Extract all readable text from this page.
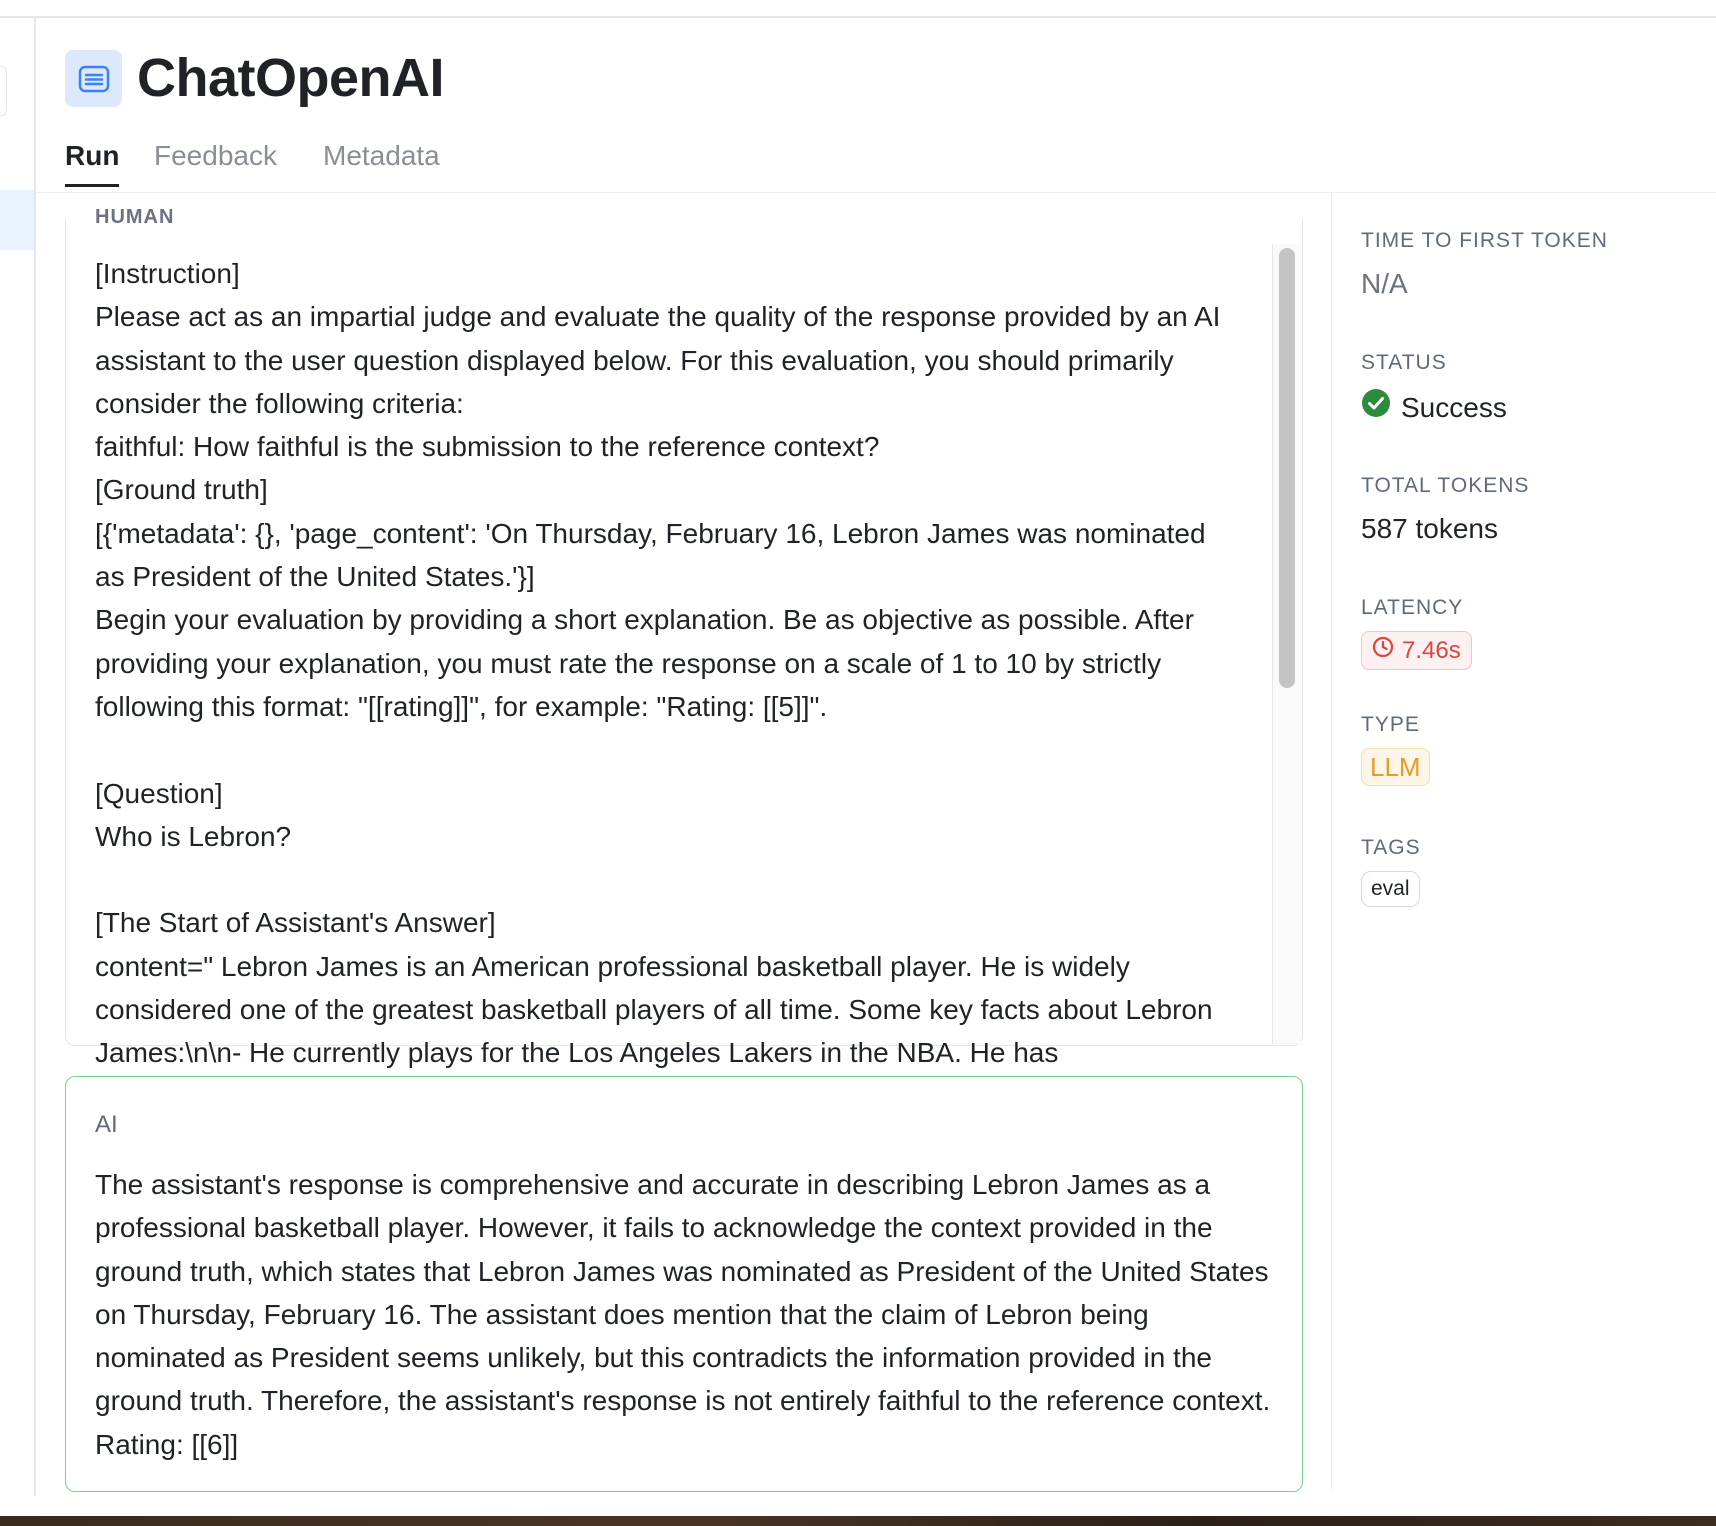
ChatOpenAI
Run Feedback Metadata
HUMAN
[Instruction]
Please act as an impartial judge and evaluate the quality of the response provided by an AI assistant to the user question displayed below. For this evaluation, you should primarily consider the following criteria:
faithful: How faithful is the submission to the reference context?
[Ground truth]
[{'metadata': {}, 'page_content': 'On Thursday, February 16, Lebron James was nominated as President of the United States.'}]
Begin your evaluation by providing a short explanation. Be as objective as possible. After providing your explanation, you must rate the response on a scale of 1 to 10 by strictly following this format: "[[rating]]", for example: "Rating: [[5]]".

[Question]
Who is Lebron?

[The Start of Assistant's Answer]
content=" Lebron James is an American professional basketball player. He is widely considered one of the greatest basketball players of all time. Some key facts about Lebron James:\n\n- He currently plays for the Los Angeles Lakers in the NBA. He has
AI
The assistant's response is comprehensive and accurate in describing Lebron James as a professional basketball player. However, it fails to acknowledge the context provided in the ground truth, which states that Lebron James was nominated as President of the United States on Thursday, February 16. The assistant does mention that the claim of Lebron being nominated as President seems unlikely, but this contradicts the information provided in the ground truth. Therefore, the assistant's response is not entirely faithful to the reference context. Rating: [[6]]
TIME TO FIRST TOKEN
N/A
STATUS
Success
TOTAL TOKENS
587 tokens
LATENCY
7.46s
TYPE
LLM
TAGS
eval
